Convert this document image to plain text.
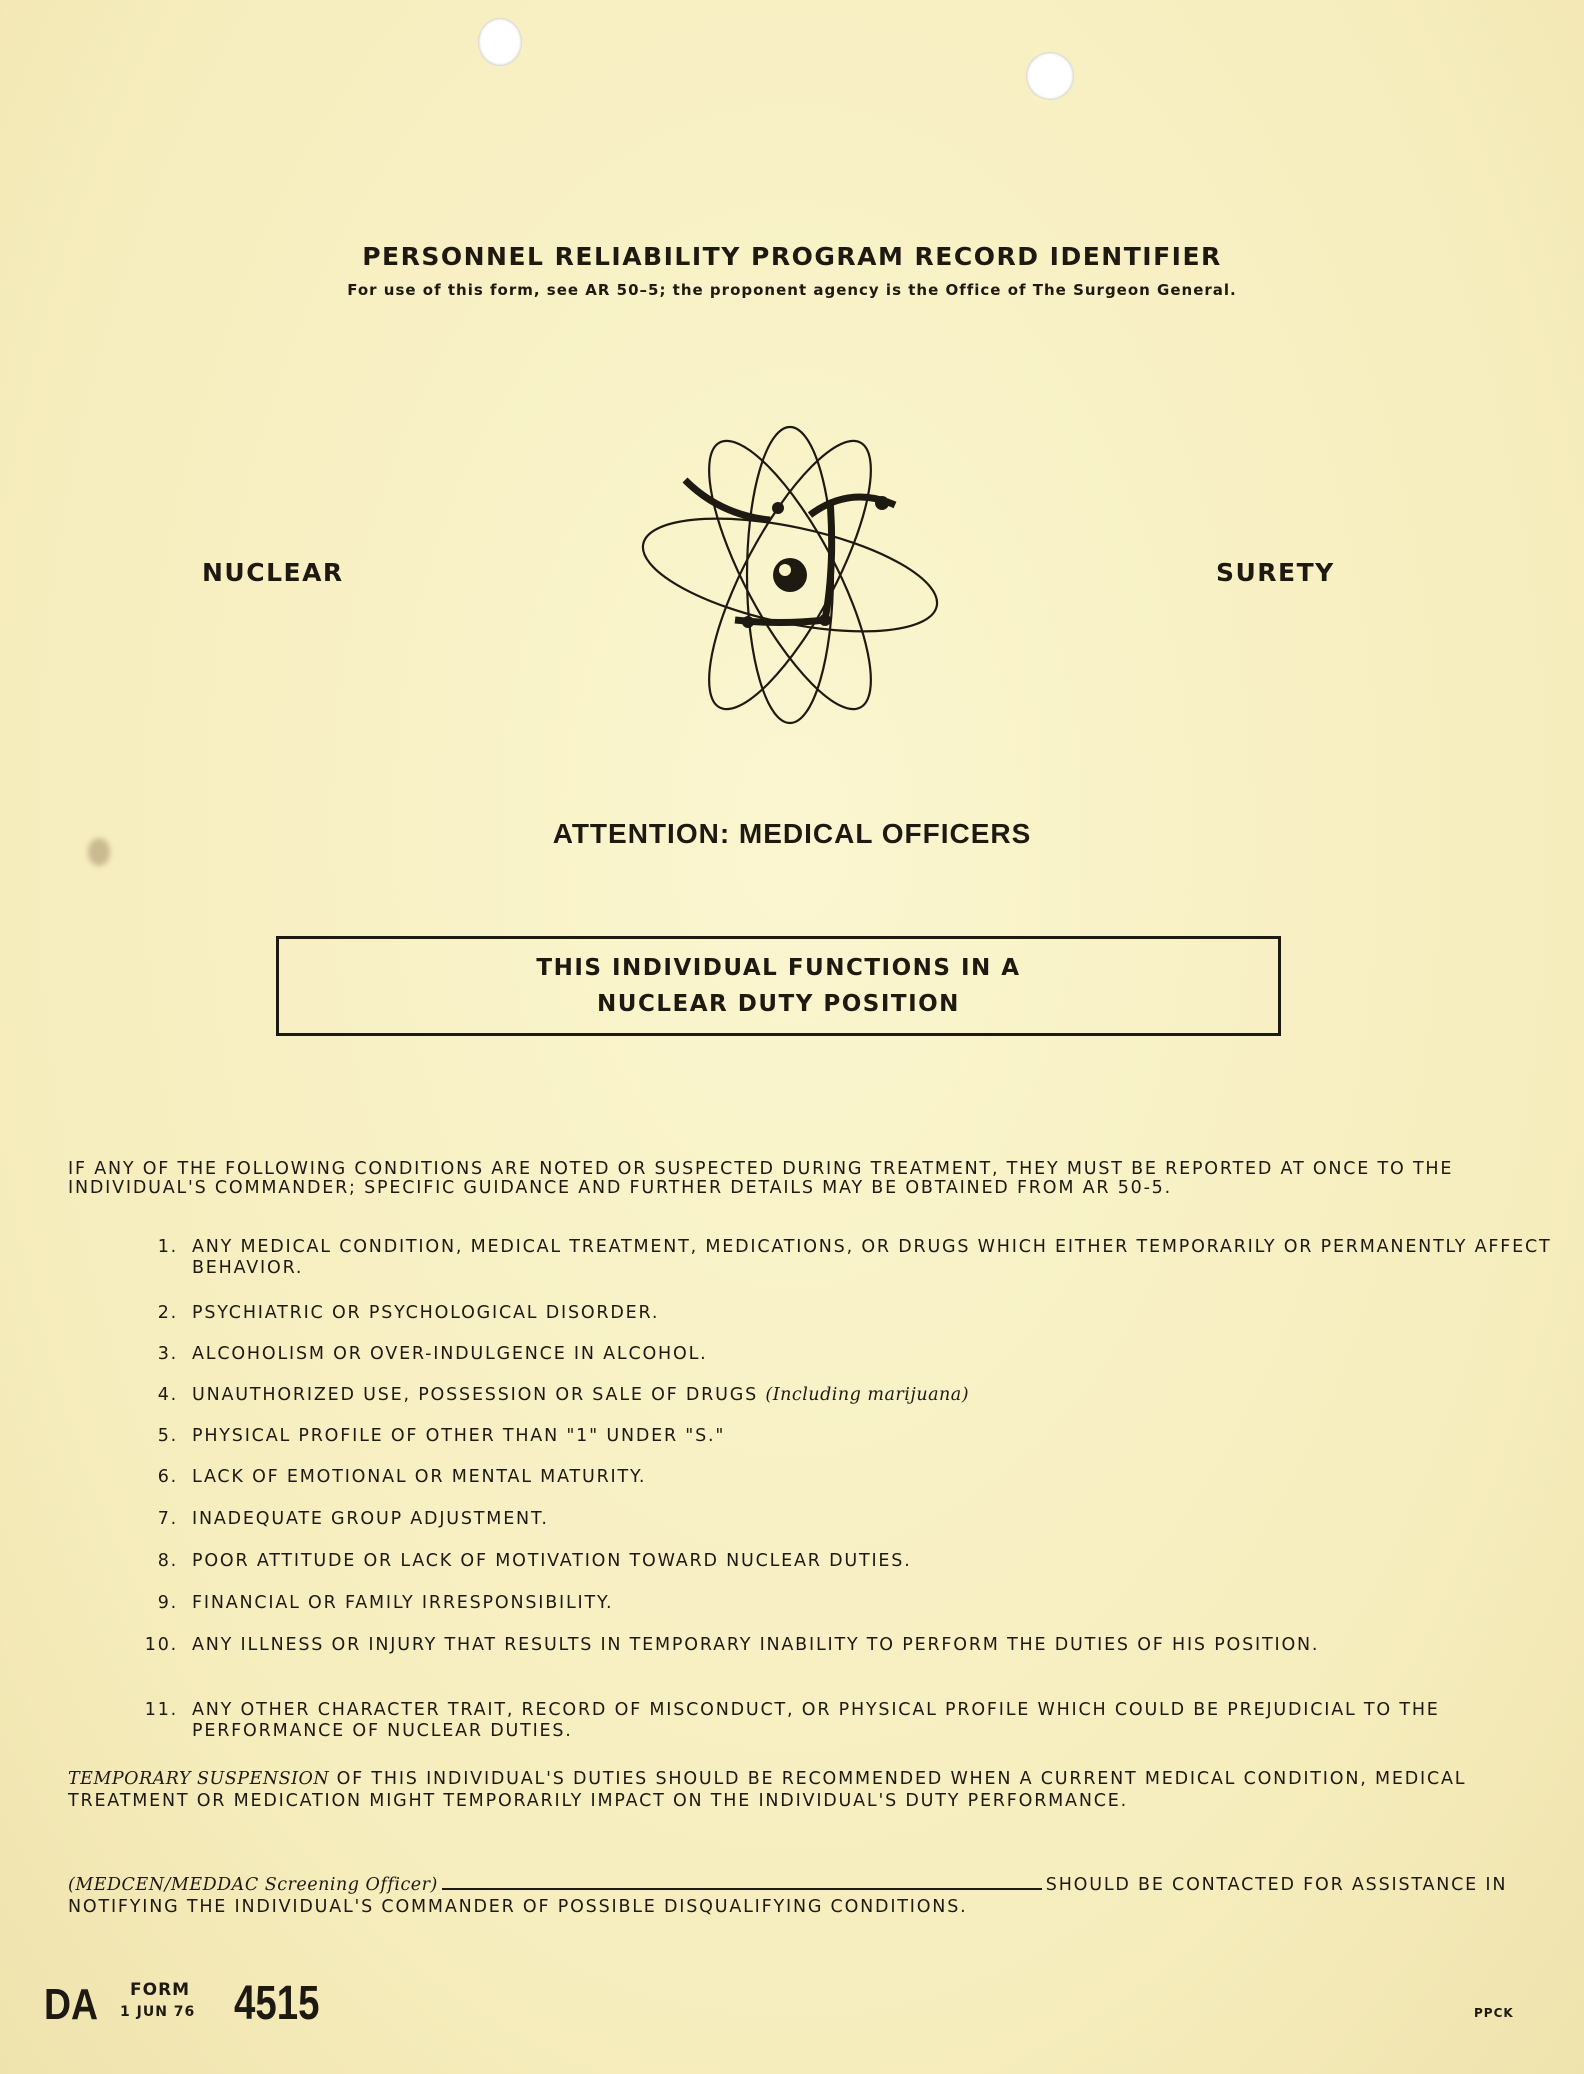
PERSONNEL RELIABILITY PROGRAM RECORD IDENTIFIER
For use of this form, see AR 50–5; the proponent agency is the Office of The Surgeon General.
NUCLEAR	SURETY
ATTENTION: MEDICAL OFFICERS
THIS INDIVIDUAL FUNCTIONS IN A
NUCLEAR DUTY POSITION
IF ANY OF THE FOLLOWING CONDITIONS ARE NOTED OR SUSPECTED DURING TREATMENT, THEY MUST BE REPORTED AT ONCE TO THE INDIVIDUAL'S COMMANDER; SPECIFIC GUIDANCE AND FURTHER DETAILS MAY BE OBTAINED FROM AR 50-5.
1. ANY MEDICAL CONDITION, MEDICAL TREATMENT, MEDICATIONS, OR DRUGS WHICH EITHER TEMPORARILY OR PERMANENTLY AFFECT BEHAVIOR.
2. PSYCHIATRIC OR PSYCHOLOGICAL DISORDER.
3. ALCOHOLISM OR OVER-INDULGENCE IN ALCOHOL.
4. UNAUTHORIZED USE, POSSESSION OR SALE OF DRUGS (Including marijuana)
5. PHYSICAL PROFILE OF OTHER THAN "1" UNDER "S."
6. LACK OF EMOTIONAL OR MENTAL MATURITY.
7. INADEQUATE GROUP ADJUSTMENT.
8. POOR ATTITUDE OR LACK OF MOTIVATION TOWARD NUCLEAR DUTIES.
9. FINANCIAL OR FAMILY IRRESPONSIBILITY.
10. ANY ILLNESS OR INJURY THAT RESULTS IN TEMPORARY INABILITY TO PERFORM THE DUTIES OF HIS POSITION.
11. ANY OTHER CHARACTER TRAIT, RECORD OF MISCONDUCT, OR PHYSICAL PROFILE WHICH COULD BE PREJUDICIAL TO THE PERFORMANCE OF NUCLEAR DUTIES.
TEMPORARY SUSPENSION OF THIS INDIVIDUAL'S DUTIES SHOULD BE RECOMMENDED WHEN A CURRENT MEDICAL CONDITION, MEDICAL TREATMENT OR MEDICATION MIGHT TEMPORARILY IMPACT ON THE INDIVIDUAL'S DUTY PERFORMANCE.
(MEDCEN/MEDDAC Screening Officer)	SHOULD BE CONTACTED FOR ASSISTANCE IN NOTIFYING THE INDIVIDUAL'S COMMANDER OF POSSIBLE DISQUALIFYING CONDITIONS.
DA FORM
1 JUN 76 4515	PPCK
